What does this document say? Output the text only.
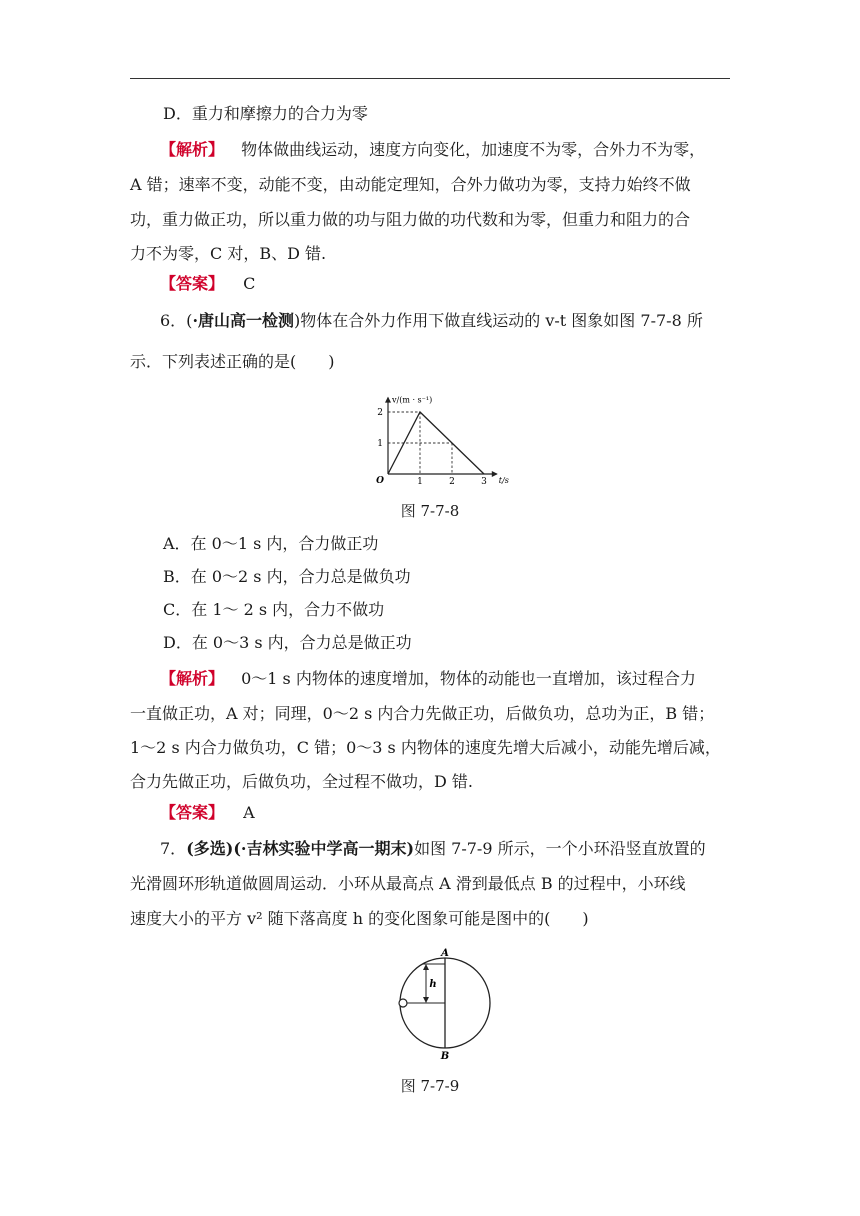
D．重力和摩擦力的合力为零
【解析】 物体做曲线运动，速度方向变化，加速度不为零，合外力不为零，
A 错；速率不变，动能不变，由动能定理知，合外力做功为零，支持力始终不做
功，重力做正功，所以重力做的功与阻力做的功代数和为零，但重力和阻力的合
力不为零，C 对，B、D 错.
【答案】 C
6．(·唐山高一检测)物体在合外力作用下做直线运动的 v-t 图象如图 7-7-8 所
示．下列表述正确的是(　　)
O
v/(m · s⁻¹)
t/s
1	2	3
1
2
图 7-7-8
A．在 0～1 s 内，合力做正功
B．在 0～2 s 内，合力总是做负功
C．在 1～ 2 s 内，合力不做功
D．在 0～3 s 内，合力总是做正功
【解析】 0～1 s 内物体的速度增加，物体的动能也一直增加，该过程合力
一直做正功，A 对；同理，0～2 s 内合力先做正功，后做负功，总功为正，B 错；
1～2 s 内合力做负功，C 错；0～3 s 内物体的速度先增大后减小，动能先增后减，
合力先做正功，后做负功，全过程不做功，D 错.
【答案】 A
7．(多选)(·吉林实验中学高一期末)如图 7-7-9 所示，一个小环沿竖直放置的
光滑圆环形轨道做圆周运动．小环从最高点 A 滑到最低点 B 的过程中，小环线
速度大小的平方 v² 随下落高度 h 的变化图象可能是图中的(　　)
A
B
h
图 7-7-9
